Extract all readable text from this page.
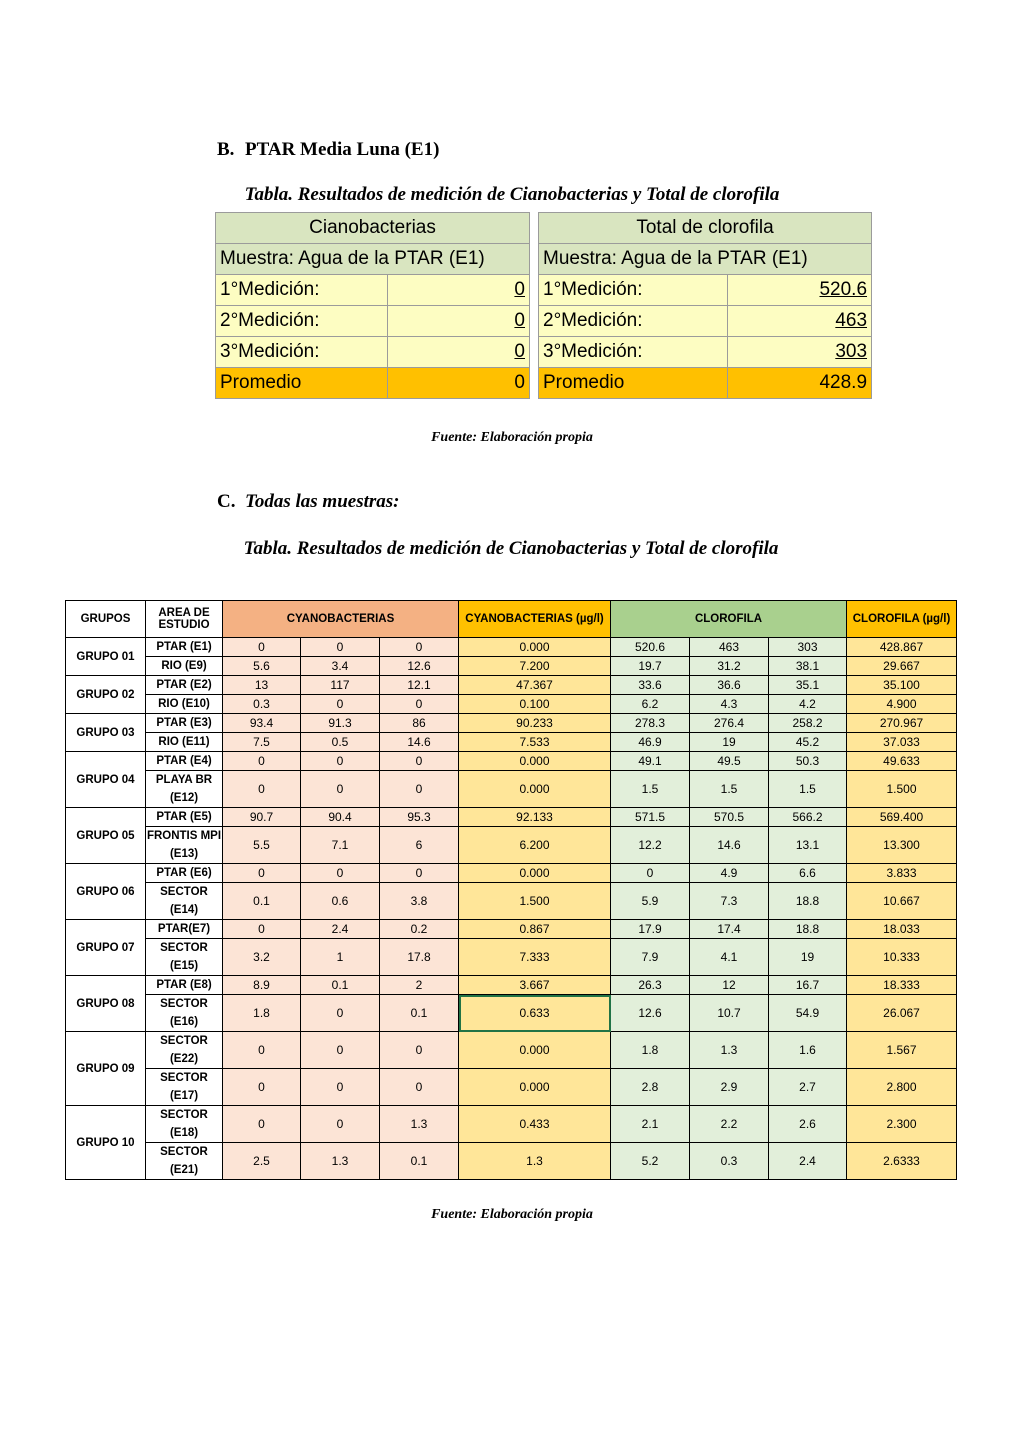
B. PTAR Media Luna (E1)

Tabla. Resultados de medición de Cianobacterias y Total de clorofila

Cianobacterias	
Muestra: Agua de la PTAR (E1)	
1°Medición:	0
2°Medición:	0
3°Medición:	0
Promedio	0
Total de clorofila	
Muestra: Agua de la PTAR (E1)	
1°Medición:	520.6
2°Medición:	463
3°Medición:	303
Promedio	428.9

Fuente: Elaboración propia

C. Todas las muestras:

Tabla. Resultados de medición de Cianobacterias y Total de clorofila

GRUPOS	AREA DE ESTUDIO	CYANOBACTERIAS			CYANOBACTERIAS (µg/l)	CLOROFILA			CLOROFILA (µg/l)
GRUPO 01	PTAR (E1)	0	0	0	0.000	520.6	463	303	428.867
	RIO (E9)	5.6	3.4	12.6	7.200	19.7	31.2	38.1	29.667
GRUPO 02	PTAR (E2)	13	117	12.1	47.367	33.6	36.6	35.1	35.100
	RIO (E10)	0.3	0	0	0.100	6.2	4.3	4.2	4.900
GRUPO 03	PTAR (E3)	93.4	91.3	86	90.233	278.3	276.4	258.2	270.967
	RIO (E11)	7.5	0.5	14.6	7.533	46.9	19	45.2	37.033
GRUPO 04	PTAR (E4)	0	0	0	0.000	49.1	49.5	50.3	49.633
	PLAYA BR (E12)	0	0	0	0.000	1.5	1.5	1.5	1.500
GRUPO 05	PTAR (E5)	90.7	90.4	95.3	92.133	571.5	570.5	566.2	569.400
	FRONTIS MPI (E13)	5.5	7.1	6	6.200	12.2	14.6	13.1	13.300
GRUPO 06	PTAR (E6)	0	0	0	0.000	0	4.9	6.6	3.833
	SECTOR (E14)	0.1	0.6	3.8	1.500	5.9	7.3	18.8	10.667
GRUPO 07	PTAR(E7)	0	2.4	0.2	0.867	17.9	17.4	18.8	18.033
	SECTOR (E15)	3.2	1	17.8	7.333	7.9	4.1	19	10.333
GRUPO 08	PTAR (E8)	8.9	0.1	2	3.667	26.3	12	16.7	18.333
	SECTOR (E16)	1.8	0	0.1	0.633	12.6	10.7	54.9	26.067
GRUPO 09	SECTOR (E22)	0	0	0	0.000	1.8	1.3	1.6	1.567
	SECTOR (E17)	0	0	0	0.000	2.8	2.9	2.7	2.800
GRUPO 10	SECTOR (E18)	0	0	1.3	0.433	2.1	2.2	2.6	2.300
	SECTOR (E21)	2.5	1.3	0.1	1.3	5.2	0.3	2.4	2.6333

Fuente: Elaboración propia
